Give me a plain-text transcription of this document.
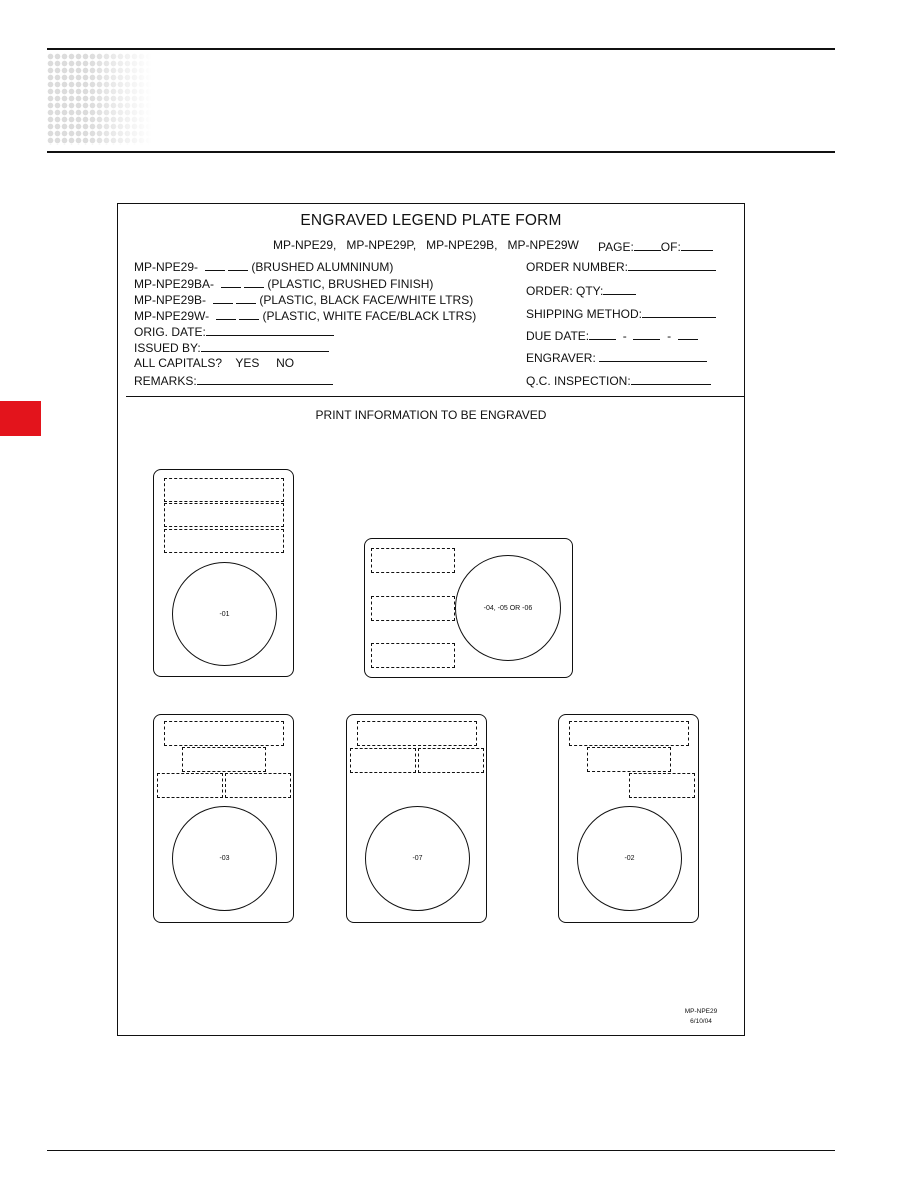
ENGRAVED LEGEND PLATE FORM
MP-NPE29,   MP-NPE29P,   MP-NPE29B,   MP-NPE29W PAGE: OF:
MP-NPE29-	(BRUSHED ALUMNINUM)
MP-NPE29BA-	(PLASTIC, BRUSHED FINISH)
MP-NPE29B-	(PLASTIC, BLACK FACE/WHITE LTRS)
MP-NPE29W-	(PLASTIC, WHITE FACE/BLACK LTRS)
ORIG. DATE:
ISSUED BY:
ALL CAPITALS? YES NO
REMARKS:
ORDER NUMBER:
ORDER: QTY:
SHIPPING METHOD:
DUE DATE:	-	-
ENGRAVER:
Q.C. INSPECTION:
PRINT INFORMATION TO BE ENGRAVED
-01
-04, -05 OR -06
-03	-07	-02
MP-NPE29
6/10/04
